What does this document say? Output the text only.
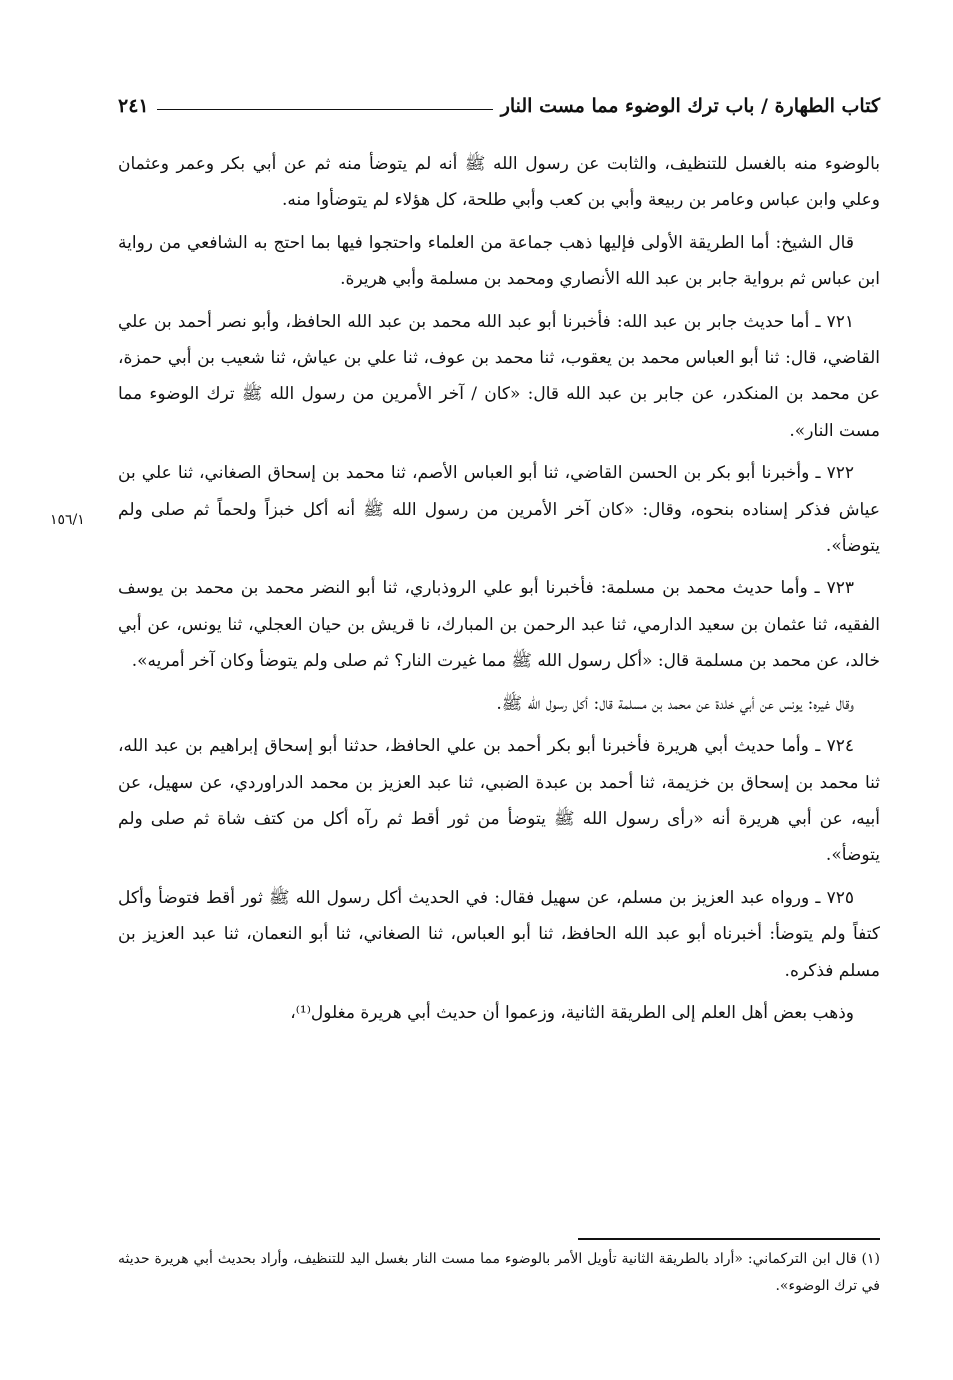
كتاب الطهارة / باب ترك الوضوء مما مست النار
٢٤١

بالوضوء منه بالغسل للتنظيف، والثابت عن رسول الله ﷺ أنه لم يتوضأ منه ثم عن أبي بكر وعمر وعثمان وعلي وابن عباس وعامر بن ربيعة وأبي بن كعب وأبي طلحة، كل هؤلاء لم يتوضأوا منه.

قال الشيخ: أما الطريقة الأولى فإليها ذهب جماعة من العلماء واحتجوا فيها بما احتج به الشافعي من رواية ابن عباس ثم برواية جابر بن عبد الله الأنصاري ومحمد بن مسلمة وأبي هريرة.

٧٢١ ـ أما حديث جابر بن عبد الله: فأخبرنا أبو عبد الله محمد بن عبد الله الحافظ، وأبو نصر أحمد بن علي القاضي، قال: ثنا أبو العباس محمد بن يعقوب، ثنا محمد بن عوف، ثنا علي بن عياش، ثنا شعيب بن أبي حمزة، عن محمد بن المنكدر، عن جابر بن عبد الله قال: «كان / آخر الأمرين من رسول الله ﷺ ترك الوضوء مما مست النار».

٧٢٢ ـ وأخبرنا أبو بكر بن الحسن القاضي، ثنا أبو العباس الأصم، ثنا محمد بن إسحاق الصغاني، ثنا علي بن عياش فذكر إسناده بنحوه، وقال: «كان آخر الأمرين من رسول الله ﷺ أنه أكل خبزاً ولحماً ثم صلى ولم يتوضأ».

٧٢٣ ـ وأما حديث محمد بن مسلمة: فأخبرنا أبو علي الروذباري، ثنا أبو النضر محمد بن محمد بن يوسف الفقيه، ثنا عثمان بن سعيد الدارمي، ثنا عبد الرحمن بن المبارك، نا قريش بن حيان العجلي، ثنا يونس، عن أبي خالد، عن محمد بن مسلمة قال: «أكل رسول الله ﷺ مما غيرت النار؟ ثم صلى ولم يتوضأ وكان آخر أمريه».

وقال غيره: يونس عن أبي خلدة عن محمد بن مسلمة قال: أكل رسول الله ﷺ.

٧٢٤ ـ وأما حديث أبي هريرة فأخبرنا أبو بكر أحمد بن علي الحافظ، حدثنا أبو إسحاق إبراهيم بن عبد الله، ثنا محمد بن إسحاق بن خزيمة، ثنا أحمد بن عبدة الضبي، ثنا عبد العزيز بن محمد الدراوردي، عن سهيل، عن أبيه، عن أبي هريرة أنه «رأى رسول الله ﷺ يتوضأ من ثور أقط ثم رآه أكل من كتف شاة ثم صلى ولم يتوضأ».

٧٢٥ ـ ورواه عبد العزيز بن مسلم، عن سهيل فقال: في الحديث أكل رسول الله ﷺ ثور أقط فتوضأ وأكل كتفاً ولم يتوضأ: أخبرناه أبو عبد الله الحافظ، ثنا أبو العباس، ثنا الصغاني، ثنا أبو النعمان، ثنا عبد العزيز بن مسلم فذكره.

وذهب بعض أهل العلم إلى الطريقة الثانية، وزعموا أن حديث أبي هريرة مغلول⁽¹⁾،

١٥٦/١

(١) قال ابن التركماني: «أراد بالطريقة الثانية تأويل الأمر بالوضوء مما مست النار بغسل اليد للتنظيف، وأراد بحديث أبي هريرة حديثه في ترك الوضوء».
